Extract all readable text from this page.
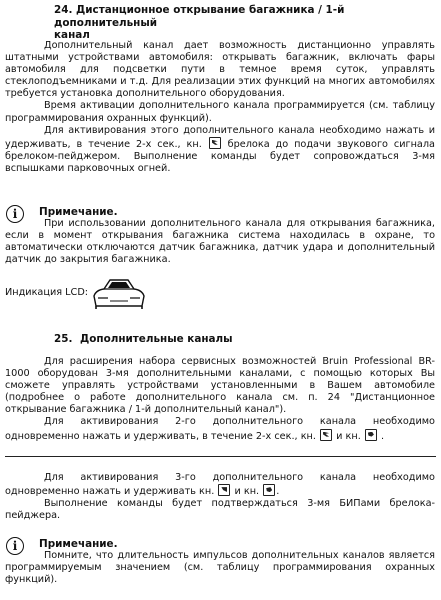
24. Дистанционное открывание багажника / 1-й дополнительный
канал

Дополнительный канал дает возможность дистанционно управлять штатными устройствами автомобиля: открывать багажник, включать фары автомобиля для подсветки пути в темное время суток, управлять стеклоподъемниками и т.д. Для реализации этих функций на многих автомобилях требуется установка дополнительного оборудования.

Время активации дополнительного канала программируется (см. таблицу программирования охранных функций).

Для активирования этого дополнительного канала необходимо нажать и удерживать, в течение 2-х сек., кн.	брелока до подачи звукового сигнала брелоком-пейджером. Выполнение команды будет сопровождаться 3-мя вспышками парковочных огней.

i	Примечание.

При использовании дополнительного канала для открывания багажника, если в момент открывания багажника система находилась в охране, то автоматически отключаются датчик багажника, датчик удара и дополнительный датчик до закрытия багажника.

Индикация LCD:
25. Дополнительные каналы

Для расширения набора сервисных возможностей Bruin Professional BR-1000 оборудован 3-мя дополнительными каналами, с помощью которых Вы сможете управлять устройствами установленными в Вашем автомобиле (подробнее о работе дополнительного канала см. п. 24 "Дистанционное открывание багажника / 1-й дополнительный канал").

Для активирования 2-го дополнительного канала необходимо одновременно нажать и удерживать, в течение 2-х сек., кн. и кн. .

Для активирования 3-го дополнительного канала необходимо одновременно нажать и удерживать кн. и кн. .

Выполнение команды будет подтверждаться 3-мя БИПами брелока-пейджера.

i	Примечание.

Помните, что длительность импульсов дополнительных каналов является программируемым значением (см. таблицу программирования охранных функций).
